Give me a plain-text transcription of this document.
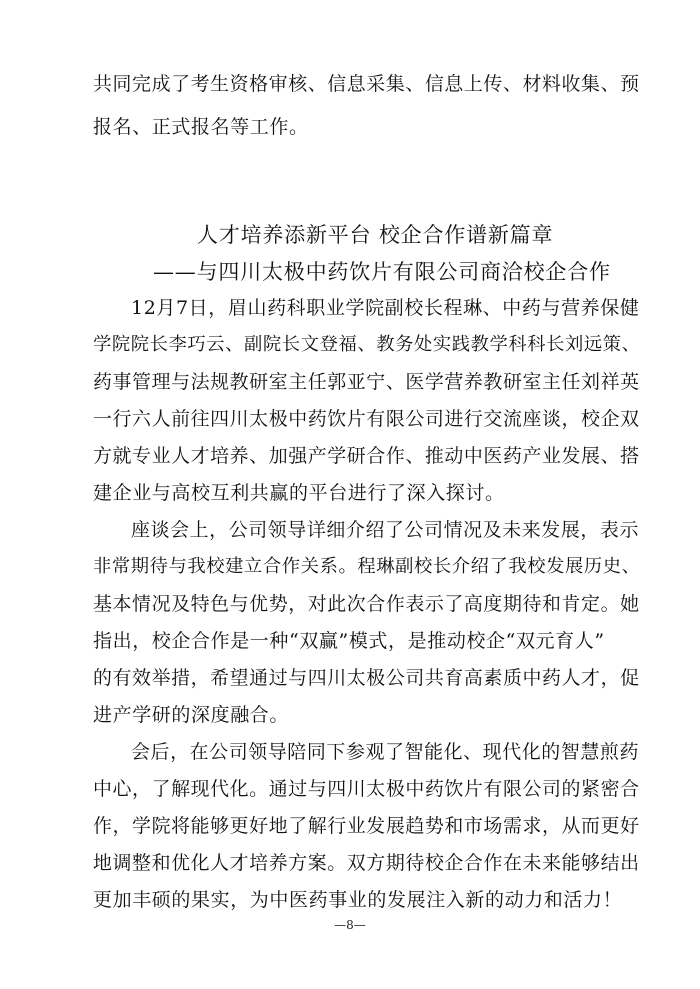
共同完成了考生资格审核、信息采集、信息上传、材料收集、预
报名、正式报名等工作。
人才培养添新平台 校企合作谱新篇章
——与四川太极中药饮片有限公司商洽校企合作
12月7日，眉山药科职业学院副校长程琳、中药与营养保健
学院院长李巧云、副院长文登福、教务处实践教学科科长刘远策、
药事管理与法规教研室主任郭亚宁、医学营养教研室主任刘祥英
一行六人前往四川太极中药饮片有限公司进行交流座谈，校企双
方就专业人才培养、加强产学研合作、推动中医药产业发展、搭
建企业与高校互利共赢的平台进行了深入探讨。
座谈会上，公司领导详细介绍了公司情况及未来发展，表示
非常期待与我校建立合作关系。程琳副校长介绍了我校发展历史、
基本情况及特色与优势，对此次合作表示了高度期待和肯定。她
指出，校企合作是一种“双赢”模式，是推动校企“双元育人”
的有效举措，希望通过与四川太极公司共育高素质中药人才，促
进产学研的深度融合。
会后，在公司领导陪同下参观了智能化、现代化的智慧煎药
中心，了解现代化。通过与四川太极中药饮片有限公司的紧密合
作，学院将能够更好地了解行业发展趋势和市场需求，从而更好
地调整和优化人才培养方案。双方期待校企合作在未来能够结出
更加丰硕的果实，为中医药事业的发展注入新的动力和活力！
—8—
